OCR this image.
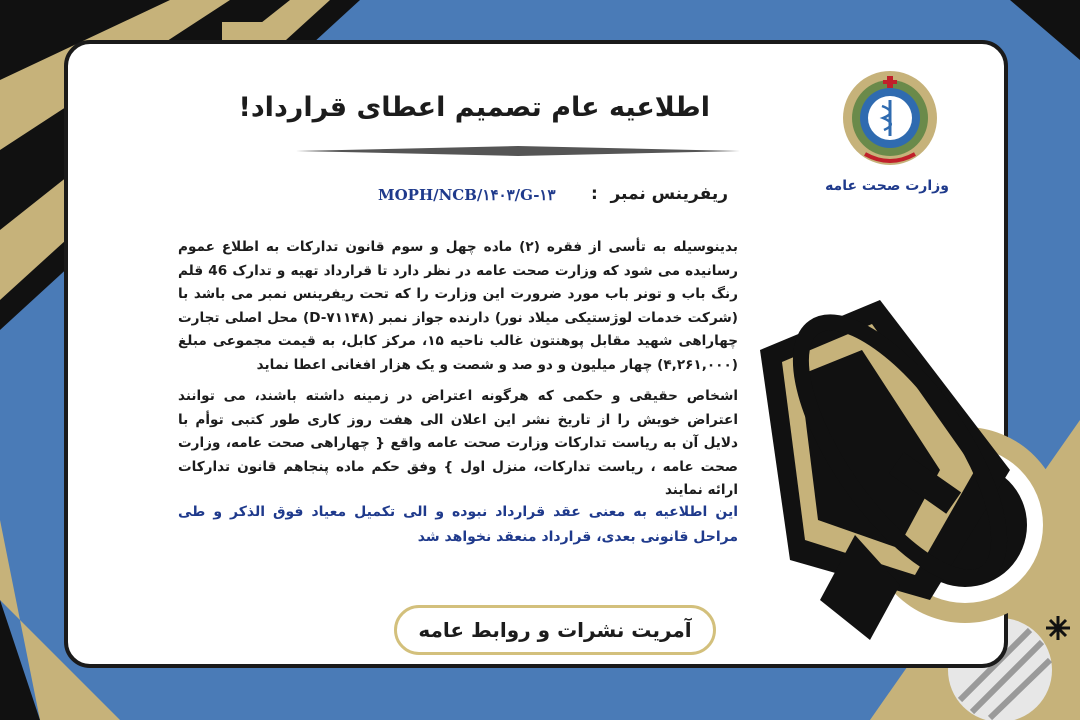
اطلاعیه عام تصمیم اعطای قرارداد!
ریفرینس نمبر
:
MOPH/NCB/۱۴۰۳/G-۱۳
بدینوسیله به تأسی از فقره (۲) ماده چهل و سوم قانون تدارکات به اطلاع عموم رسانیده می شود که وزارت صحت عامه در نظر دارد تا قرارداد تهیه و تدارک 46 قلم رنگ باب و تونر باب مورد ضرورت این وزارت را که تحت ریفرینس نمبر می باشد با (شرکت خدمات لوژستیکی میلاد نور) دارنده جواز نمبر (D-۷۱۱۴۸) محل اصلی تجارت چهاراهی شهید مقابل پوهنتون غالب ناحیه ۱۵، مرکز کابل، به قیمت مجموعی مبلغ (۴,۲۶۱,۰۰۰) چهار میلیون و دو صد و شصت و یک هزار افغانی اعطا نماید
اشخاص حقیقی و حکمی که هرگونه اعتراض در زمینه داشته باشند، می توانند اعتراض خویش را از تاریخ نشر این اعلان الی هفت روز کاری طور کتبی توأم با دلایل آن به ریاست تدارکات وزارت صحت عامه واقع { چهاراهی صحت عامه، وزارت صحت عامه ، ریاست تدارکات، منزل اول } وفق حکم ماده پنجاهم قانون تدارکات ارائه نمایند
این اطلاعیه به معنی عقد قرارداد نبوده و الی تکمیل معیاد فوق الذکر و طی مراحل قانونی بعدی، قرارداد منعقد نخواهد شد
آمریت نشرات و روابط عامه
وزارت صحت عامه
